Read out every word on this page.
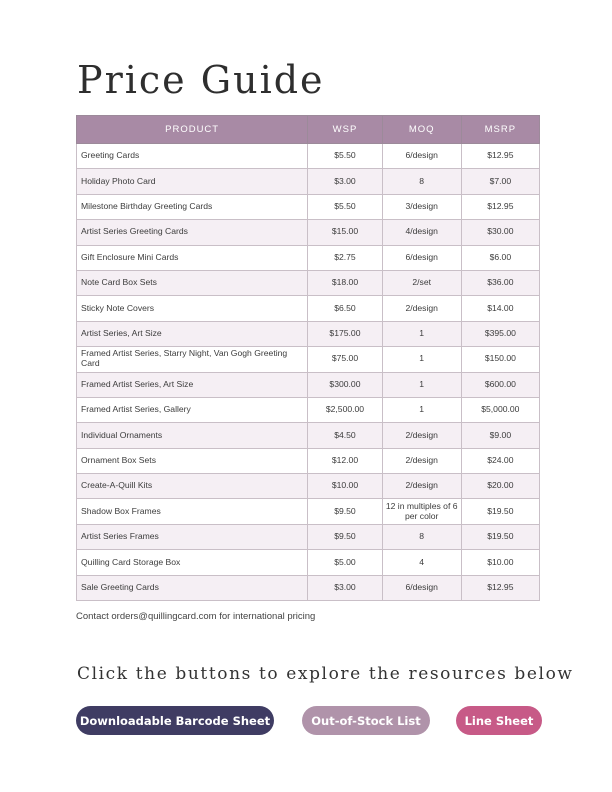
Price Guide
PRODUCT	WSP	MOQ	MSRP
Greeting Cards	$5.50	6/design	$12.95
Holiday Photo Card	$3.00	8	$7.00
Milestone Birthday Greeting Cards	$5.50	3/design	$12.95
Artist Series Greeting Cards	$15.00	4/design	$30.00
Gift Enclosure Mini Cards	$2.75	6/design	$6.00
Note Card Box Sets	$18.00	2/set	$36.00
Sticky Note Covers	$6.50	2/design	$14.00
Artist Series, Art Size	$175.00	1	$395.00
Framed Artist Series, Starry Night, Van Gogh Greeting Card	$75.00	1	$150.00
Framed Artist Series, Art Size	$300.00	1	$600.00
Framed Artist Series, Gallery	$2,500.00	1	$5,000.00
Individual Ornaments	$4.50	2/design	$9.00
Ornament Box Sets	$12.00	2/design	$24.00
Create-A-Quill Kits	$10.00	2/design	$20.00
Shadow Box Frames	$9.50	12 in multiples of 6 per color	$19.50
Artist Series Frames	$9.50	8	$19.50
Quilling Card Storage Box	$5.00	4	$10.00
Sale Greeting Cards	$3.00	6/design	$12.95
Contact orders@quillingcard.com for international pricing
Click the buttons to explore the resources below
Downloadable Barcode Sheet	Out-of-Stock List	Line Sheet
